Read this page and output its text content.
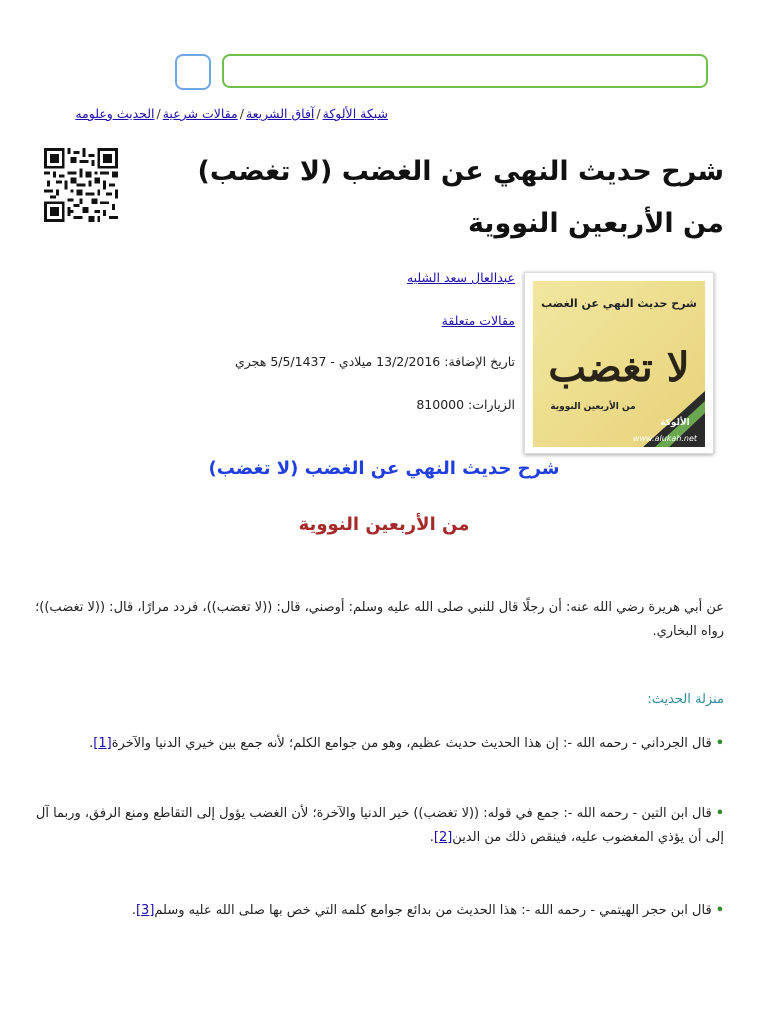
شبكة الألوكة/آفاق الشريعة/مقالات شرعية/الحديث وعلومه
شرح حديث النهي عن الغضب (لا تغضب) من الأربعين النووية
شرح حديث النهي عن الغضب
لا تغضب
من الأربعين النووية
الألوكة
www.alukah.net
عبدالعال سعد الشليه
مقالات متعلقة
تاريخ الإضافة: 13/2/2016 ميلادي - 5/5/1437 هجري
الزيارات: 810000
شرح حديث النهي عن الغضب (لا تغضب)
من الأربعين النووية

عن أبي هريرة رضي الله عنه: أن رجلًا قال للنبي صلى الله عليه وسلم: أوصني، قال: ((لا تغضب))، فردد مرارًا، قال: ((لا تغضب))؛ رواه البخاري.

منزلة الحديث:

•قال الجرداني - رحمه الله -: إن هذا الحديث حديث عظيم، وهو من جوامع الكلم؛ لأنه جمع بين خيري الدنيا والآخرة[1].

•قال ابن التين - رحمه الله -: جمع في قوله: ((لا تغضب)) خير الدنيا والآخرة؛ لأن الغضب يؤول إلى التقاطع ومنع الرفق، وربما آل إلى أن يؤذي المغضوب عليه، فينقص ذلك من الدين[2].

•قال ابن حجر الهيتمي - رحمه الله -: هذا الحديث من بدائع جوامع كلمه التي خص بها صلى الله عليه وسلم[3].
